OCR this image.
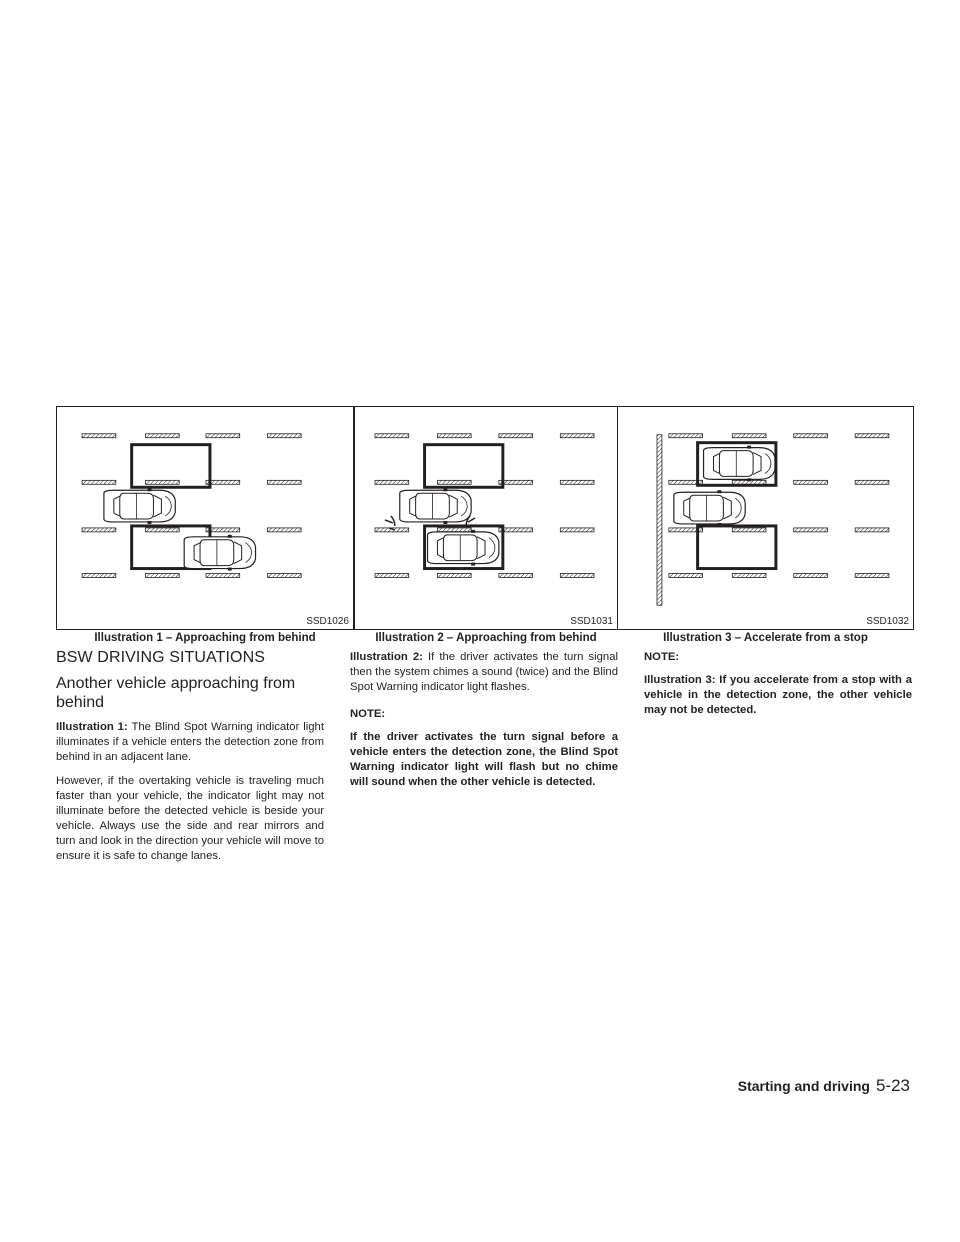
SSD1026	SSD1031	SSD1032
Illustration 1 – Approaching from behind	Illustration 2 – Approaching from behind	Illustration 3 – Accelerate from a stop
BSW DRIVING SITUATIONS
Another vehicle approaching from behind

Illustration 1: The Blind Spot Warning indicator light illuminates if a vehicle enters the detection zone from behind in an adjacent lane.

However, if the overtaking vehicle is traveling much faster than your vehicle, the indicator light may not illuminate before the detected vehicle is beside your vehicle. Always use the side and rear mirrors and turn and look in the direction your vehicle will move to ensure it is safe to change lanes.

Illustration 2: If the driver activates the turn signal then the system chimes a sound (twice) and the Blind Spot Warning indicator light flashes.

NOTE:
If the driver activates the turn signal before a vehicle enters the detection zone, the Blind Spot Warning indicator light will flash but no chime will sound when the other vehicle is detected.
NOTE:
Illustration 3: If you accelerate from a stop with a vehicle in the detection zone, the other vehicle may not be detected.
Starting and driving 5-23
